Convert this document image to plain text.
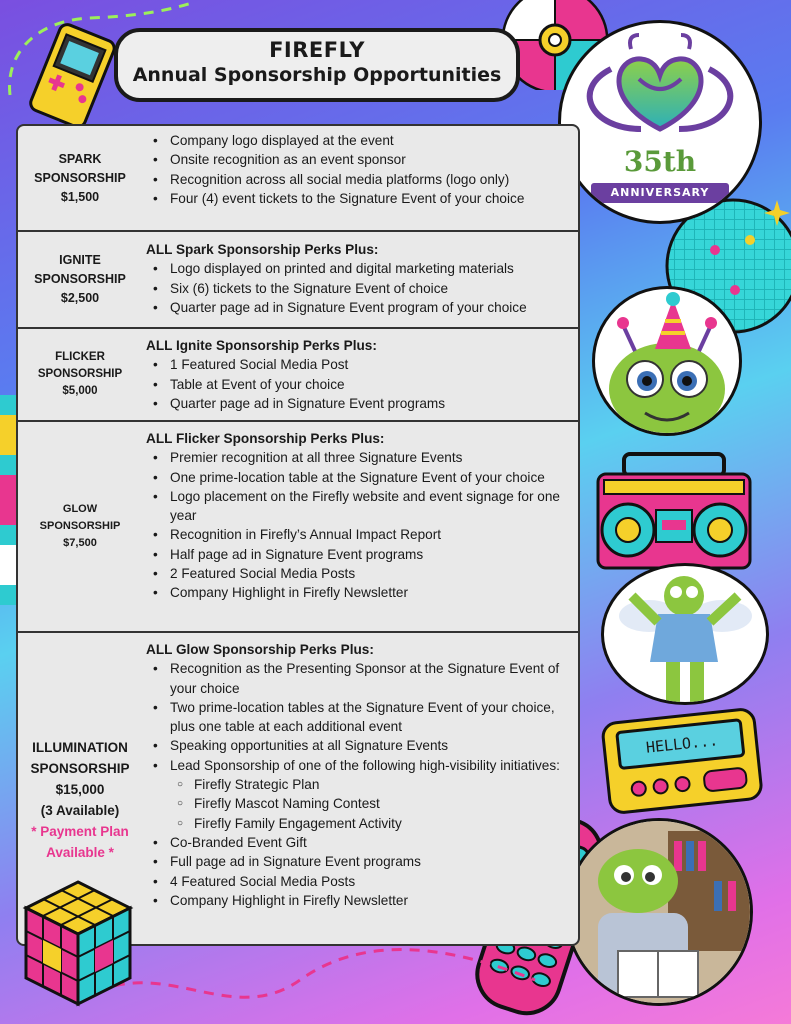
FIREFLY
Annual Sponsorship Opportunities
35th
ANNIVERSARY
HELLO...
SPARK
SPONSORSHIP
$1,500
• Company logo displayed at the event
• Onsite recognition as an event sponsor
• Recognition across all social media platforms (logo only)
• Four (4) event tickets to the Signature Event of your choice
IGNITE
SPONSORSHIP
$2,500
ALL Spark Sponsorship Perks Plus:
• Logo displayed on printed and digital marketing materials
• Six (6) tickets to the Signature Event of choice
• Quarter page ad in Signature Event program of your choice
FLICKER
SPONSORSHIP
$5,000
ALL Ignite Sponsorship Perks Plus:
• 1 Featured Social Media Post
• Table at Event of your choice
• Quarter page ad in Signature Event programs
GLOW
SPONSORSHIP
$7,500
ALL Flicker Sponsorship Perks Plus:
• Premier recognition at all three Signature Events
• One prime-location table at the Signature Event of your choice
• Logo placement on the Firefly website and event signage for one year
• Recognition in Firefly’s Annual Impact Report
• Half page ad in Signature Event programs
• 2 Featured Social Media Posts
• Company Highlight in Firefly Newsletter
ILLUMINATION
SPONSORSHIP
$15,000
(3 Available)
* Payment Plan
Available *
ALL Glow Sponsorship Perks Plus:
• Recognition as the Presenting Sponsor at the Signature Event of your choice
• Two prime-location tables at the Signature Event of your choice, plus one table at each additional event
• Speaking opportunities at all Signature Events
• Lead Sponsorship of one of the following high-visibility initiatives:
○ Firefly Strategic Plan
○ Firefly Mascot Naming Contest
○ Firefly Family Engagement Activity
• Co-Branded Event Gift
• Full page ad in Signature Event programs
• 4 Featured Social Media Posts
• Company Highlight in Firefly Newsletter
